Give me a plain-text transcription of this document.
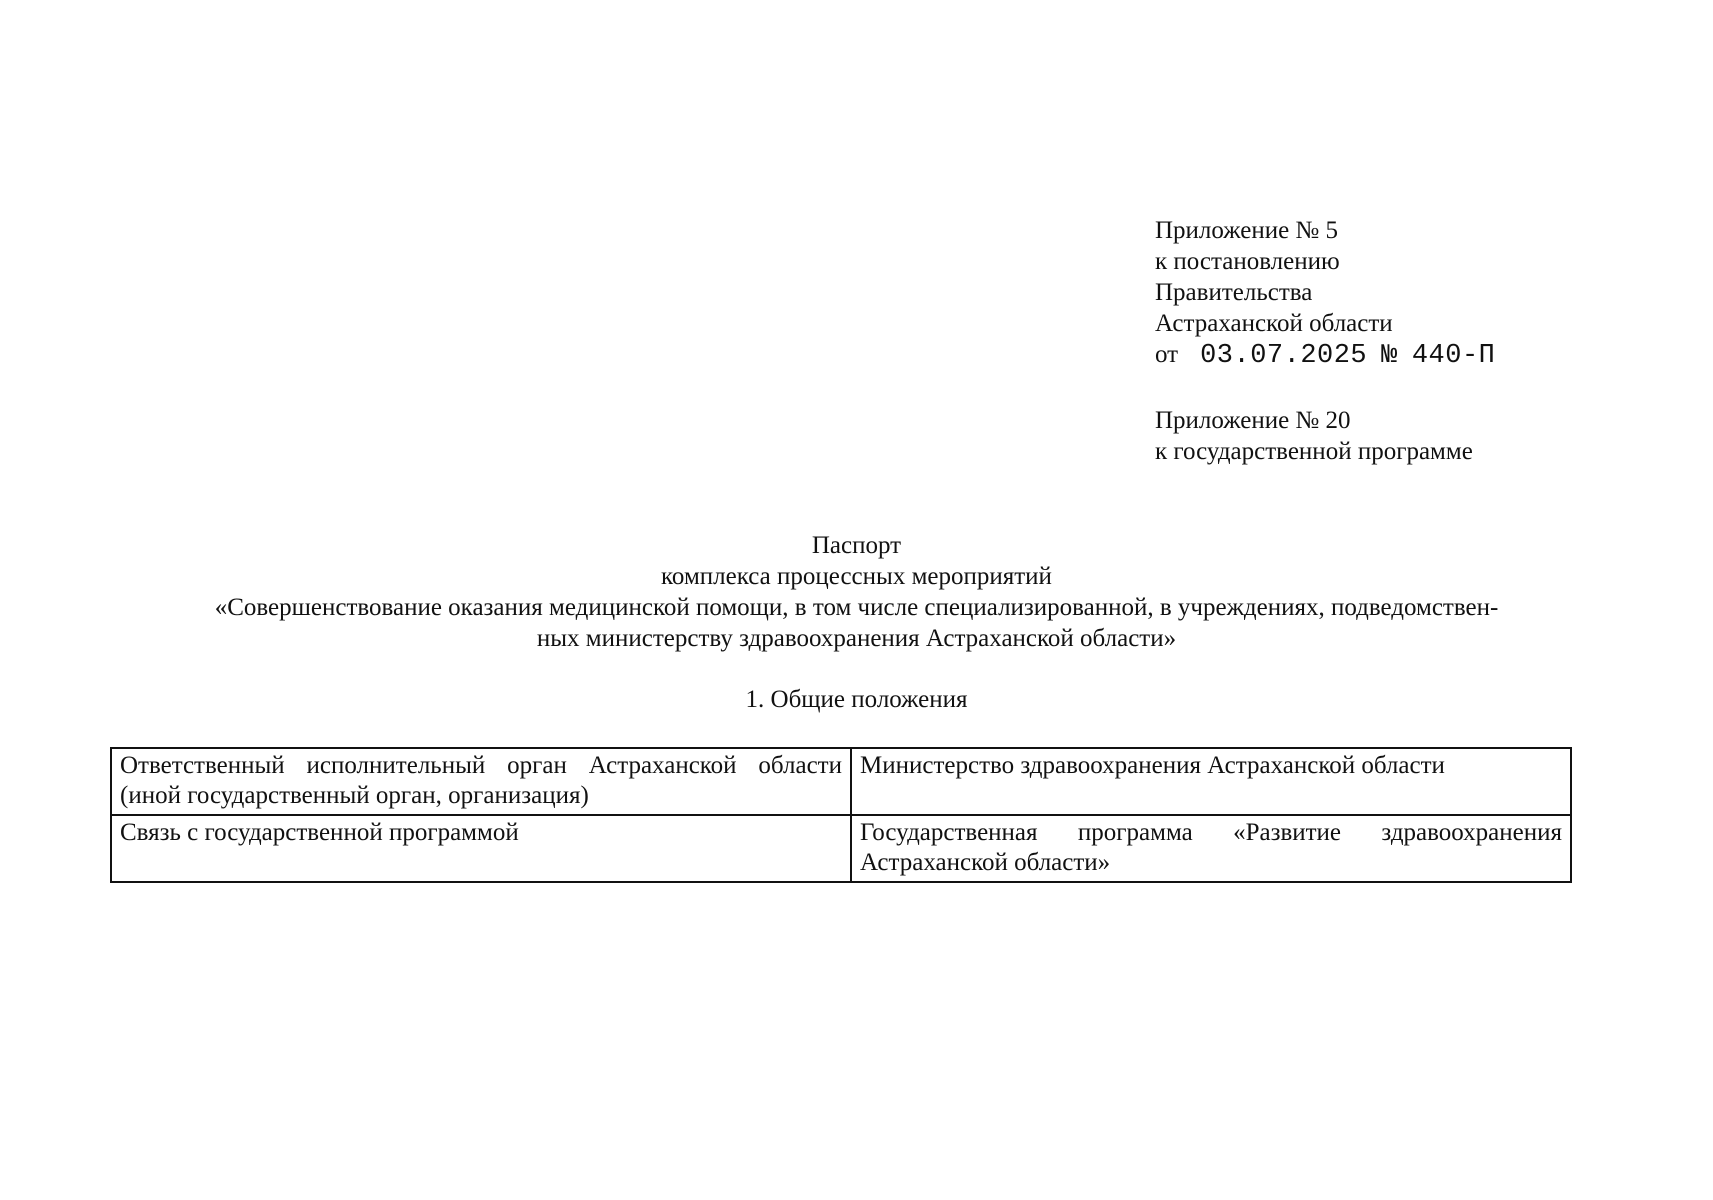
Приложение № 5
к постановлению
Правительства
Астраханской области
от 03.07.2025 № 440-П
Приложение № 20
к государственной программе
Паспорт
комплекса процессных мероприятий
«Совершенствование оказания медицинской помощи, в том числе специализированной, в учреждениях, подведомствен-
ных министерству здравоохранения Астраханской области»
1. Общие положения
Ответственный исполнительный орган Астраханской области (иной государственный орган, организация)	Министерство здравоохранения Астраханской области
Связь с государственной программой	Государственная программа «Развитие здравоохранения Астраханской области»
